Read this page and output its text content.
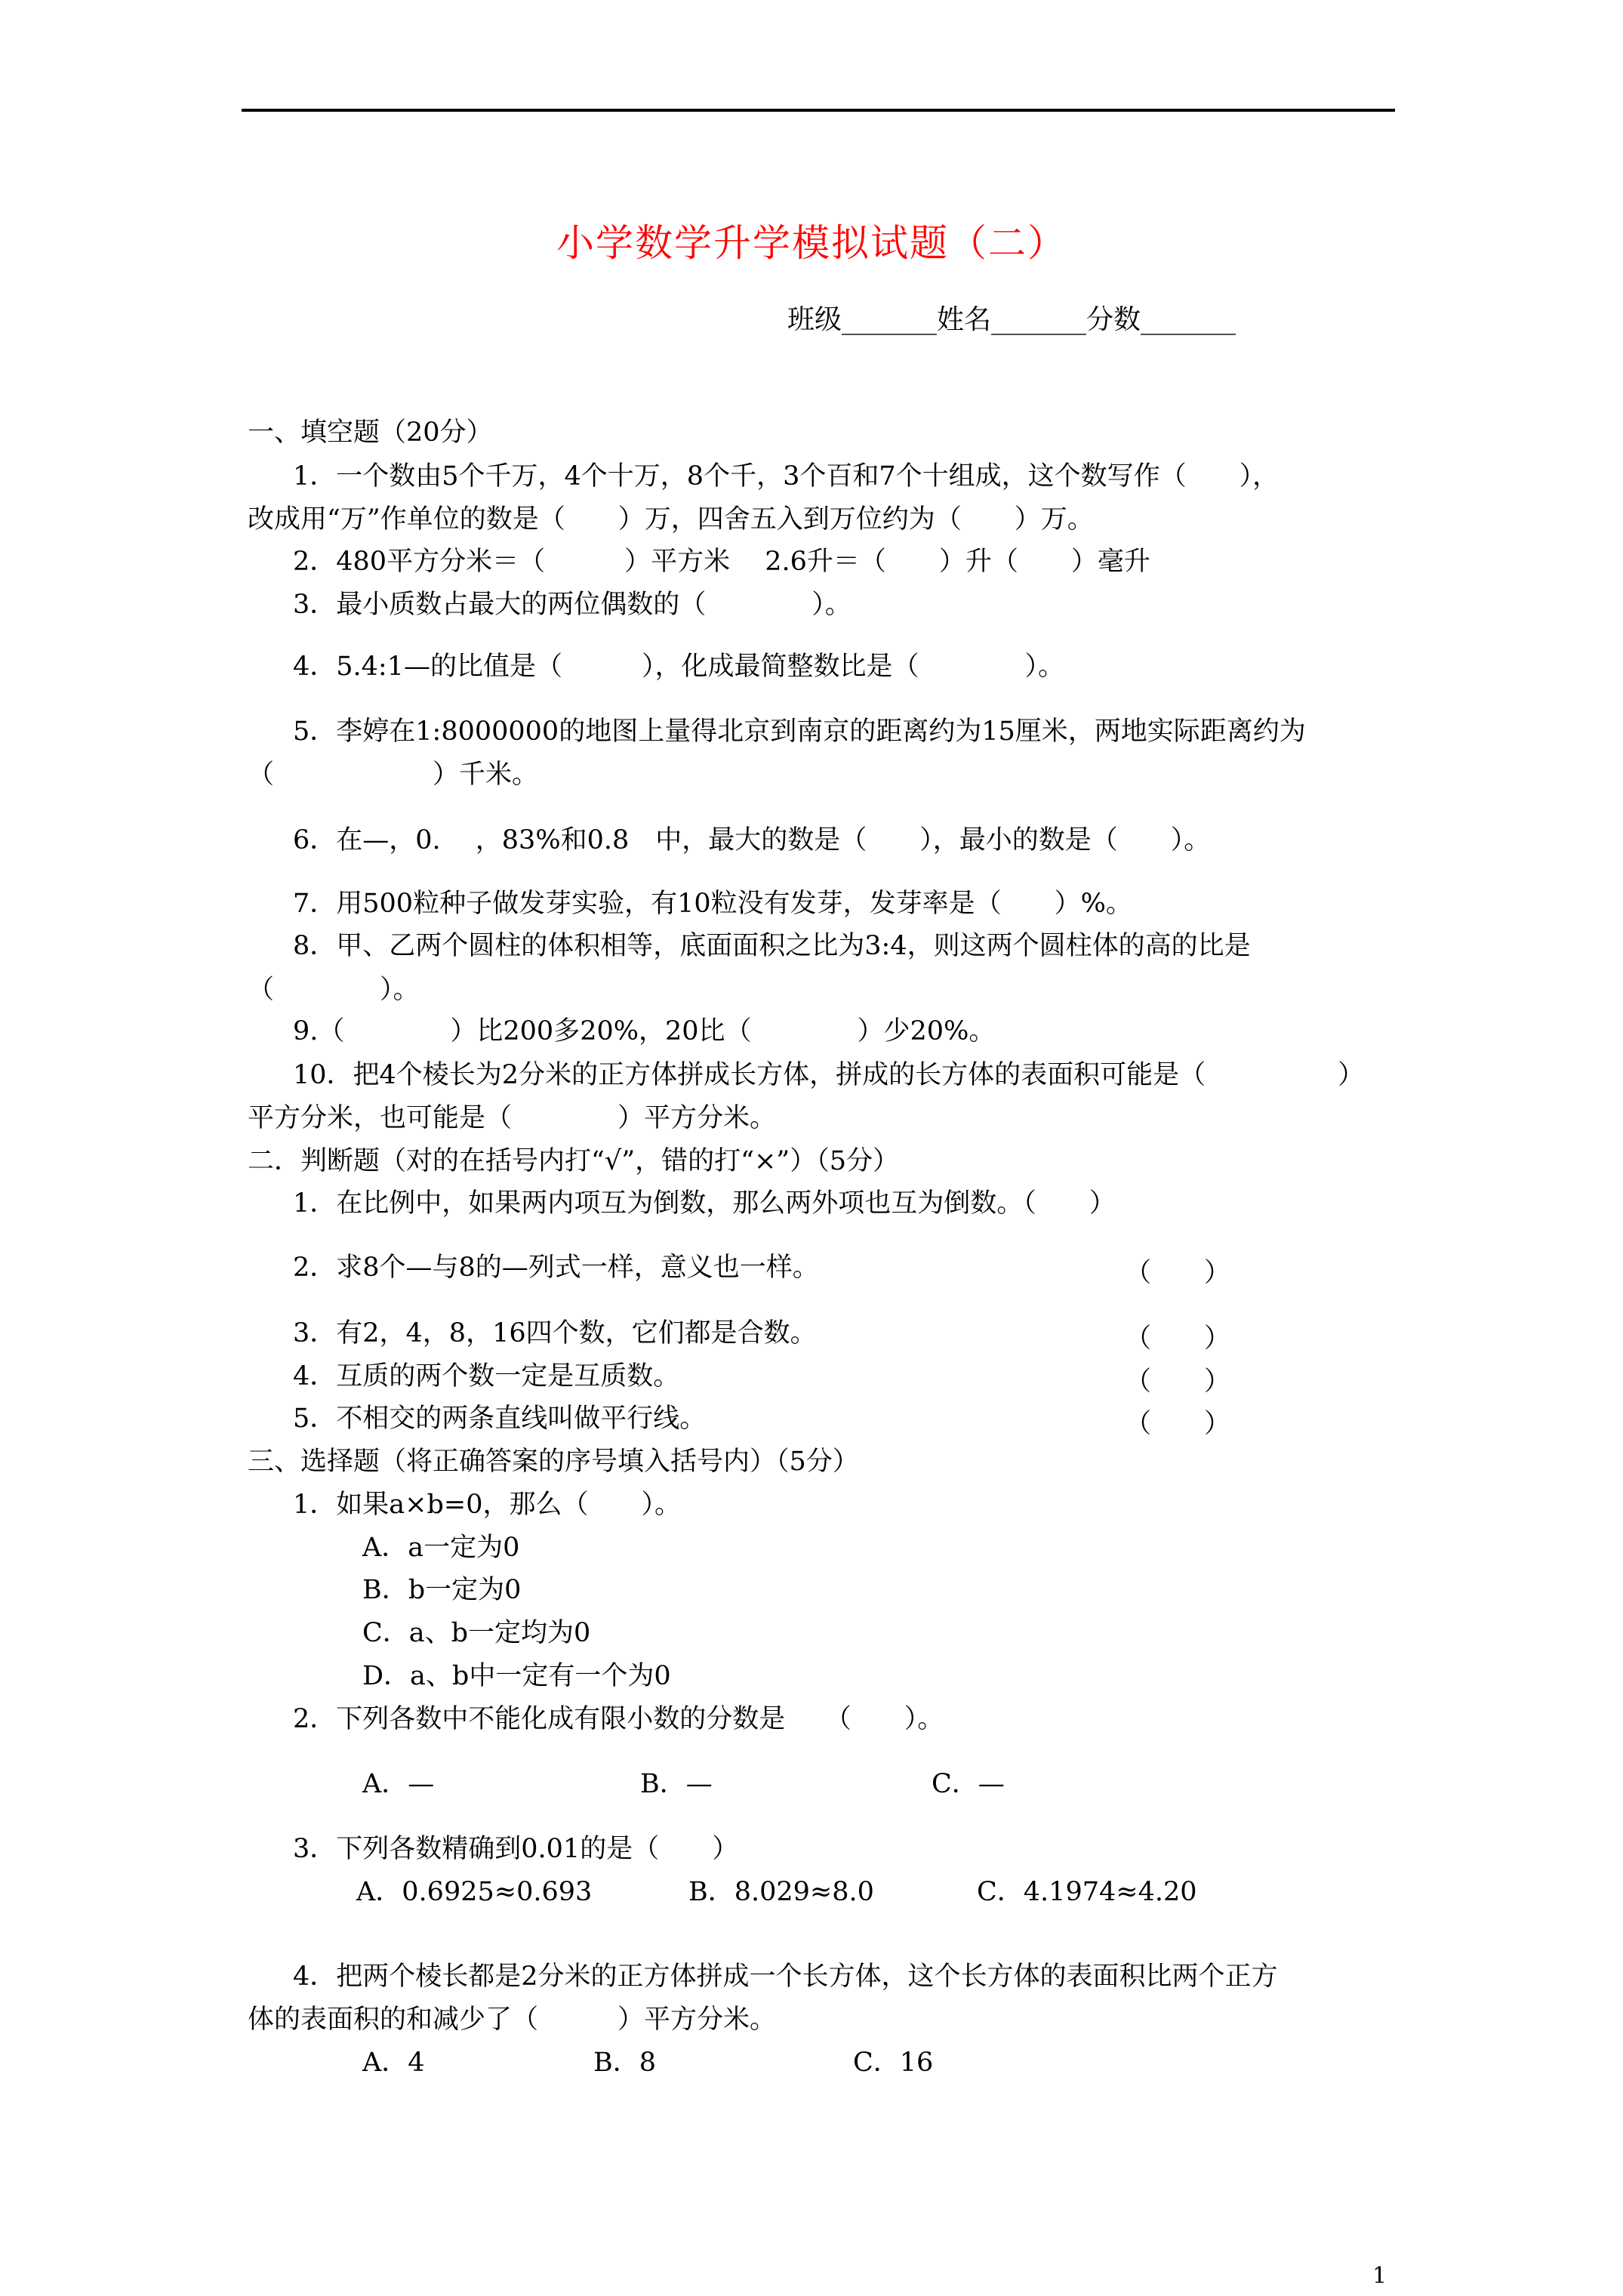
小学数学升学模拟试题（二）
班级_______姓名_______分数_______
一、填空题（20分）
1．一个数由5个千万，4个十万，8个千，3个百和7个十组成，这个数写作（　　），
改成用“万”作单位的数是（　　）万，四舍五入到万位约为（　　）万。
2．480平方分米＝（　　　）平方米　 2.6升＝（　　）升（　　）毫升
3．最小质数占最大的两位偶数的（　　　　）。
4．5.4:1—的比值是（　　　），化成最简整数比是（　　　　）。
5．李婷在1:8000000的地图上量得北京到南京的距离约为15厘米，两地实际距离约为
（　　　　　　）千米。
6．在—，0.　 ，83%和0.8　中，最大的数是（　　），最小的数是（　　）。
7．用500粒种子做发芽实验，有10粒没有发芽，发芽率是（　　）%。
8．甲、乙两个圆柱的体积相等，底面面积之比为3:4，则这两个圆柱体的高的比是
（　　　　）。
9.（　　　　）比200多20%，20比（　　　　）少20%。
10．把4个棱长为2分米的正方体拼成长方体，拼成的长方体的表面积可能是（　　　　　）
平方分米，也可能是（　　　　）平方分米。
二．判断题（对的在括号内打“√”，错的打“×”）（5分）
1．在比例中，如果两内项互为倒数，那么两外项也互为倒数。（　　）
2．求8个—与8的—列式一样，意义也一样。	（　　）
3．有2，4，8，16四个数，它们都是合数。	（　　）
4．互质的两个数一定是互质数。	（　　）
5．不相交的两条直线叫做平行线。	（　　）
三、选择题（将正确答案的序号填入括号内）（5分）
1．如果a×b=0，那么（　　）。
A．a一定为0
B．b一定为0
C．a、b一定均为0
D．a、b中一定有一个为0
2．下列各数中不能化成有限小数的分数是　　（　　）。
A．—	B．—	C．—
3．下列各数精确到0.01的是（　　）
A．0.6925≈0.693	B．8.029≈8.0	C．4.1974≈4.20
4．把两个棱长都是2分米的正方体拼成一个长方体，这个长方体的表面积比两个正方
体的表面积的和减少了（　　　）平方分米。
A．4	B．8	C．16
1
